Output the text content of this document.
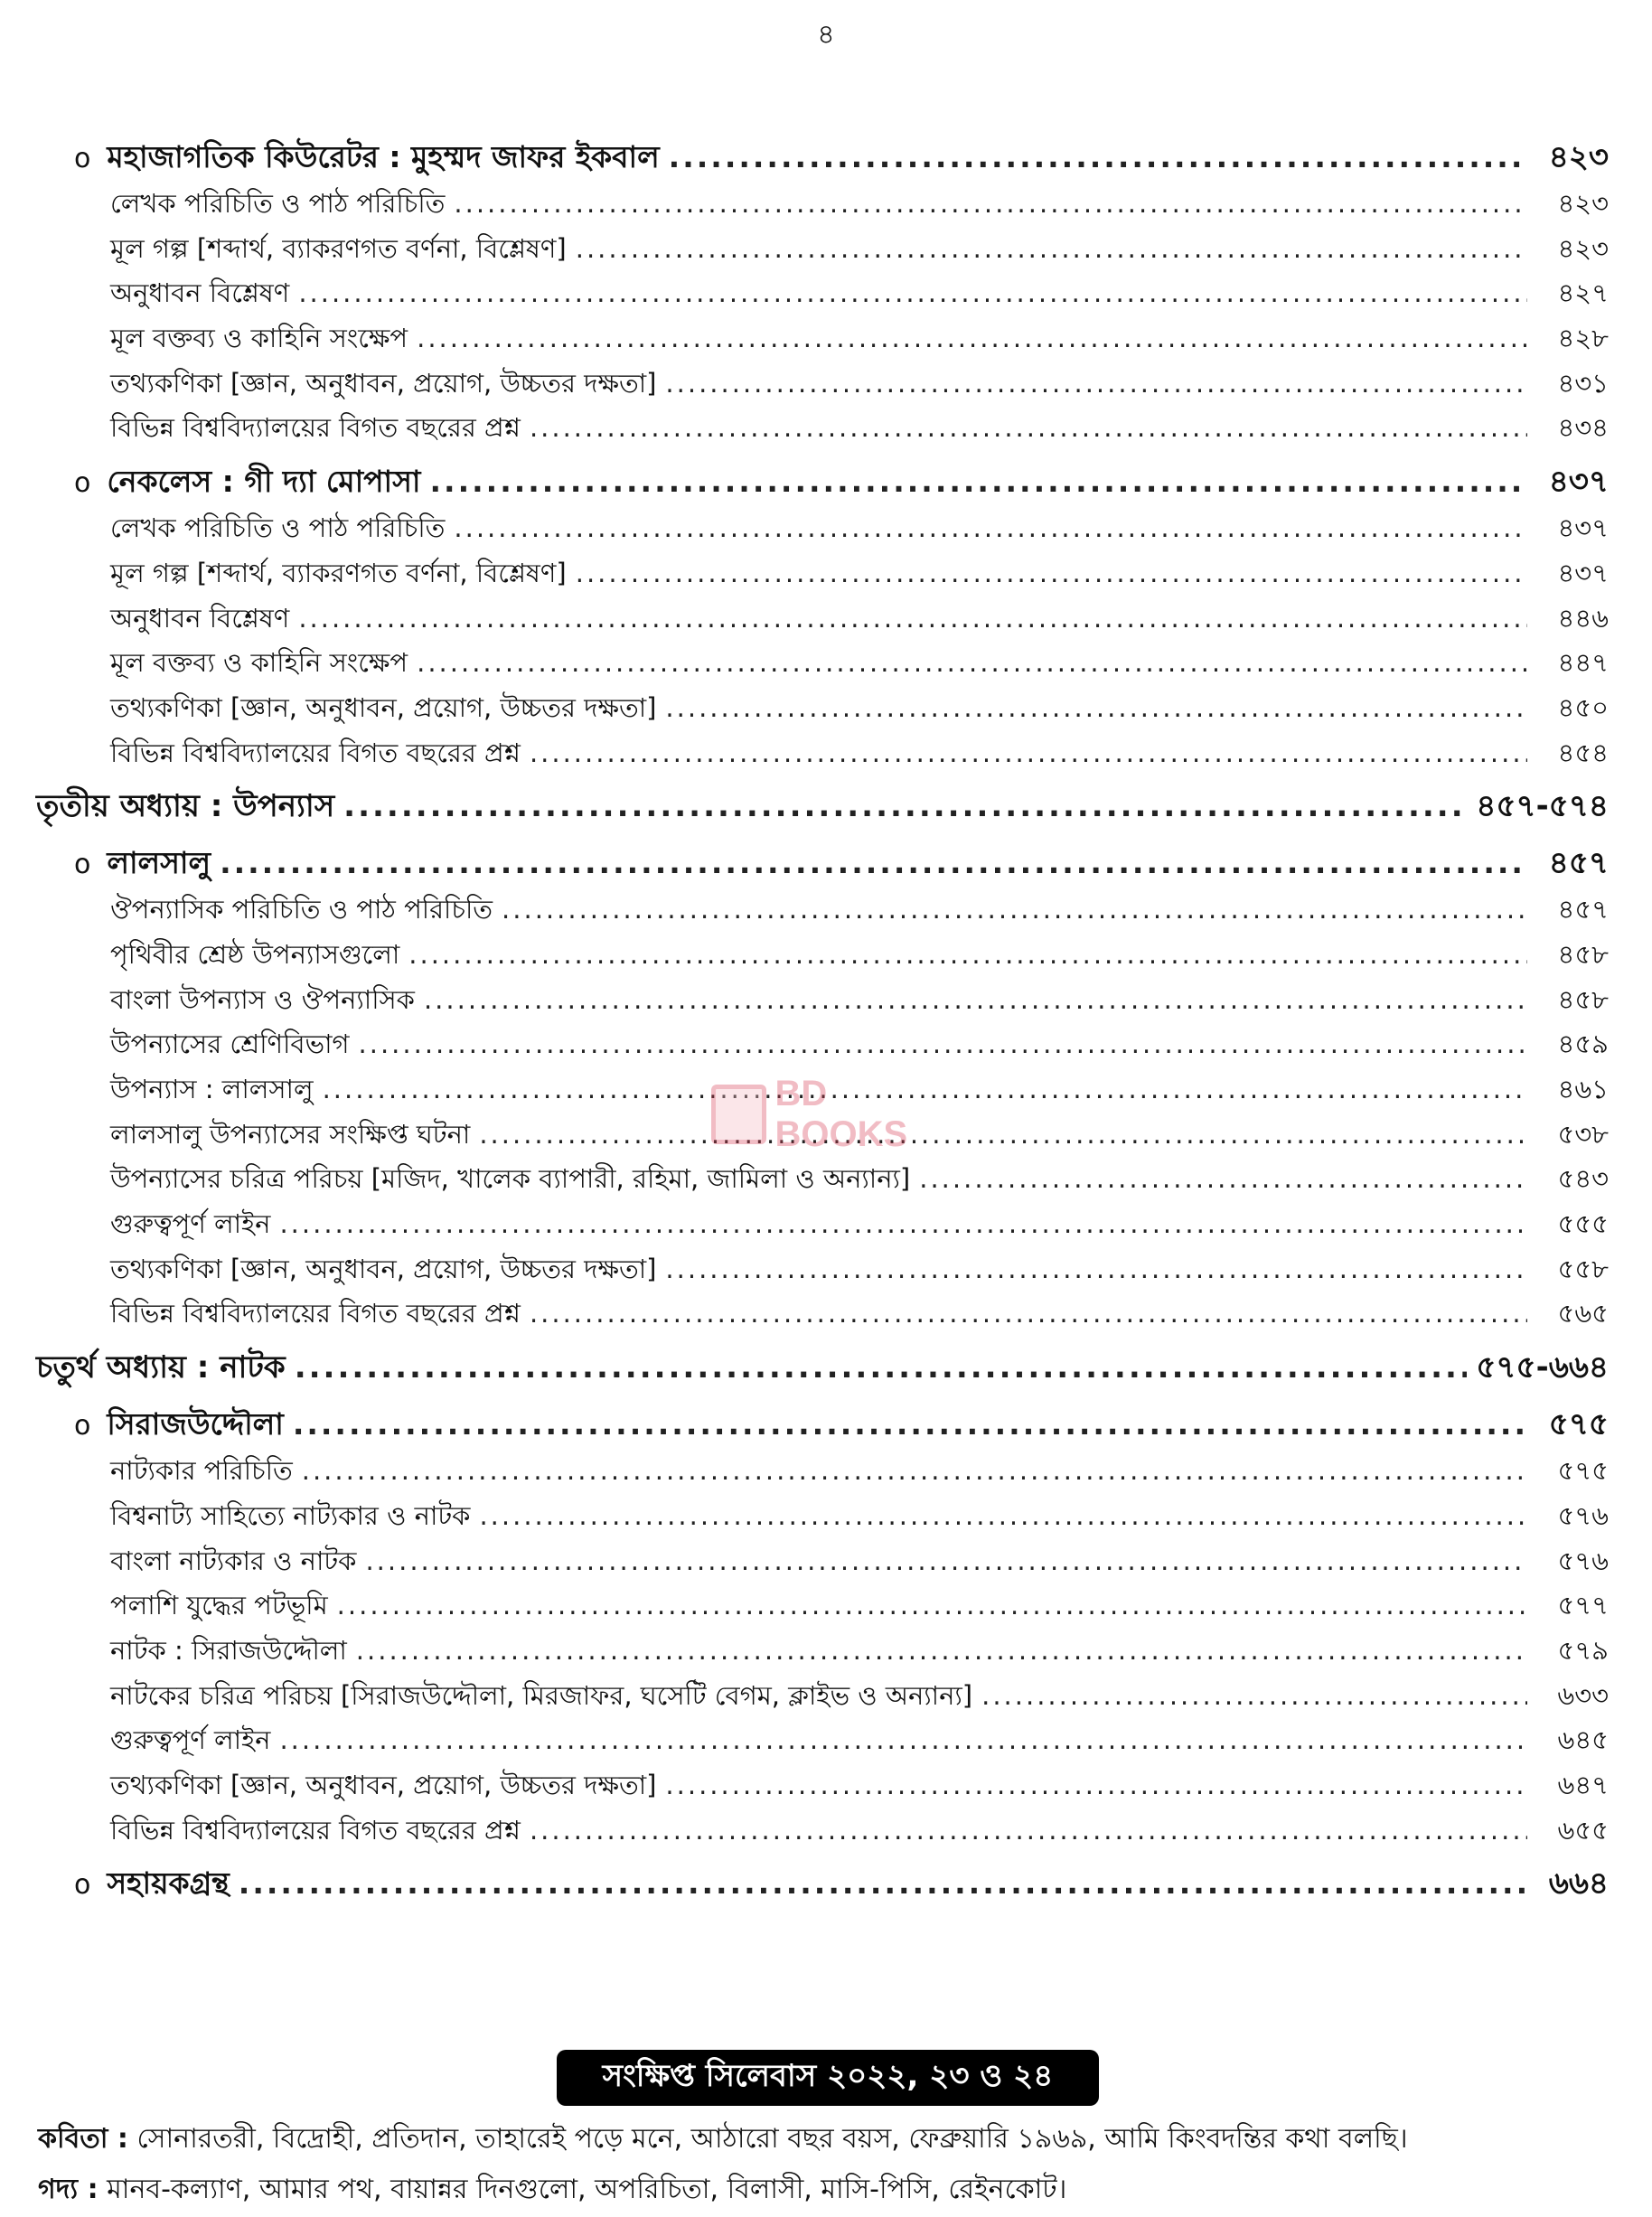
৪
o মহাজাগতিক কিউরেটর : মুহম্মদ জাফর ইকবাল .....	৪২৩
লেখক পরিচিতি ও পাঠ পরিচিতি .....	৪২৩
মূল গল্প [শব্দার্থ, ব্যাকরণগত বর্ণনা, বিশ্লেষণ] .....	৪২৩
অনুধাবন বিশ্লেষণ .....	৪২৭
মূল বক্তব্য ও কাহিনি সংক্ষেপ .....	৪২৮
তথ্যকণিকা [জ্ঞান, অনুধাবন, প্রয়োগ, উচ্চতর দক্ষতা] .....	৪৩১
বিভিন্ন বিশ্ববিদ্যালয়ের বিগত বছরের প্রশ্ন .....	৪৩৪
o নেকলেস : গী দ্যা মোপাসা .....	৪৩৭
লেখক পরিচিতি ও পাঠ পরিচিতি .....	৪৩৭
মূল গল্প [শব্দার্থ, ব্যাকরণগত বর্ণনা, বিশ্লেষণ] .....	৪৩৭
অনুধাবন বিশ্লেষণ .....	৪৪৬
মূল বক্তব্য ও কাহিনি সংক্ষেপ .....	৪৪৭
তথ্যকণিকা [জ্ঞান, অনুধাবন, প্রয়োগ, উচ্চতর দক্ষতা] .....	৪৫০
বিভিন্ন বিশ্ববিদ্যালয়ের বিগত বছরের প্রশ্ন .....	৪৫৪
তৃতীয় অধ্যায় : উপন্যাস .....	৪৫৭-৫৭৪
o লালসালু .....	৪৫৭
ঔপন্যাসিক পরিচিতি ও পাঠ পরিচিতি .....	৪৫৭
পৃথিবীর শ্রেষ্ঠ উপন্যাসগুলো .....	৪৫৮
বাংলা উপন্যাস ও ঔপন্যাসিক .....	৪৫৮
উপন্যাসের শ্রেণিবিভাগ .....	৪৫৯
উপন্যাস : লালসালু .....	৪৬১
লালসালু উপন্যাসের সংক্ষিপ্ত ঘটনা .....	৫৩৮
উপন্যাসের চরিত্র পরিচয় [মজিদ, খালেক ব্যাপারী, রহিমা, জামিলা ও অন্যান্য] .....	৫৪৩
গুরুত্বপূর্ণ লাইন .....	৫৫৫
তথ্যকণিকা [জ্ঞান, অনুধাবন, প্রয়োগ, উচ্চতর দক্ষতা] .....	৫৫৮
বিভিন্ন বিশ্ববিদ্যালয়ের বিগত বছরের প্রশ্ন .....	৫৬৫
চতুর্থ অধ্যায় : নাটক .....	৫৭৫-৬৬৪
o সিরাজউদ্দৌলা .....	৫৭৫
নাট্যকার পরিচিতি .....	৫৭৫
বিশ্বনাট্য সাহিত্যে নাট্যকার ও নাটক .....	৫৭৬
বাংলা নাট্যকার ও নাটক .....	৫৭৬
পলাশি যুদ্ধের পটভূমি .....	৫৭৭
নাটক : সিরাজউদ্দৌলা .....	৫৭৯
নাটকের চরিত্র পরিচয় [সিরাজউদ্দৌলা, মিরজাফর, ঘসেটি বেগম, ক্লাইভ ও অন্যান্য] .....	৬৩৩
গুরুত্বপূর্ণ লাইন .....	৬৪৫
তথ্যকণিকা [জ্ঞান, অনুধাবন, প্রয়োগ, উচ্চতর দক্ষতা] .....	৬৪৭
বিভিন্ন বিশ্ববিদ্যালয়ের বিগত বছরের প্রশ্ন .....	৬৫৫
o সহায়কগ্রন্থ .....	৬৬৪
BD BOOKS
সংক্ষিপ্ত সিলেবাস ২০২২, ২৩ ও ২৪
কবিতা : সোনারতরী, বিদ্রোহী, প্রতিদান, তাহারেই পড়ে মনে, আঠারো বছর বয়স, ফেব্রুয়ারি ১৯৬৯, আমি কিংবদন্তির কথা বলছি।
গদ্য : মানব-কল্যাণ, আমার পথ, বায়ান্নর দিনগুলো, অপরিচিতা, বিলাসী, মাসি-পিসি, রেইনকোট।
